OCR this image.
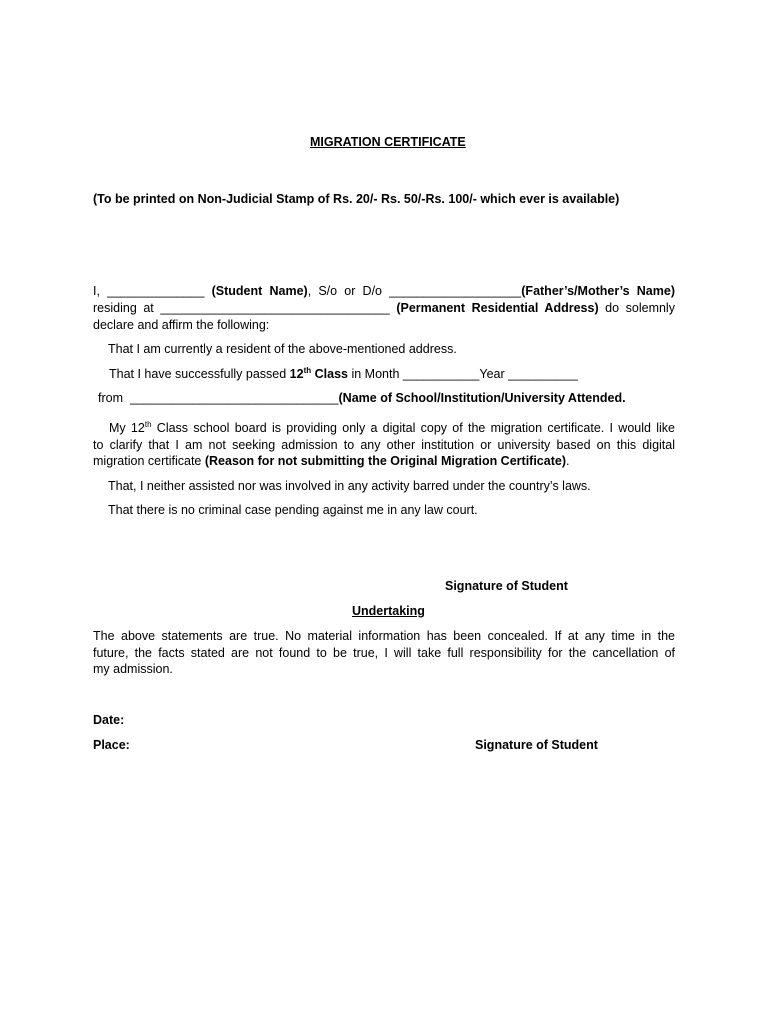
MIGRATION CERTIFICATE
(To be printed on Non-Judicial Stamp of Rs. 20/- Rs. 50/-Rs. 100/- which ever is available)
I, ______________ (Student Name), S/o or D/o ___________________(Father’s/Mother’s Name)
residing at _________________________________ (Permanent Residential Address) do solemnly
declare and affirm the following:
That I am currently a resident of the above-mentioned address.
That I have successfully passed 12th Class in Month ___________Year __________
from ______________________________(Name of School/Institution/University Attended.
My 12th Class school board is providing only a digital copy of the migration certificate. I would like
to clarify that I am not seeking admission to any other institution or university based on this digital
migration certificate (Reason for not submitting the Original Migration Certificate).
That, I neither assisted nor was involved in any activity barred under the country’s laws.
That there is no criminal case pending against me in any law court.
Signature of Student
Undertaking
The above statements are true. No material information has been concealed. If at any time in the
future, the facts stated are not found to be true, I will take full responsibility for the cancellation of
my admission.
Date:
Place:	Signature of Student
